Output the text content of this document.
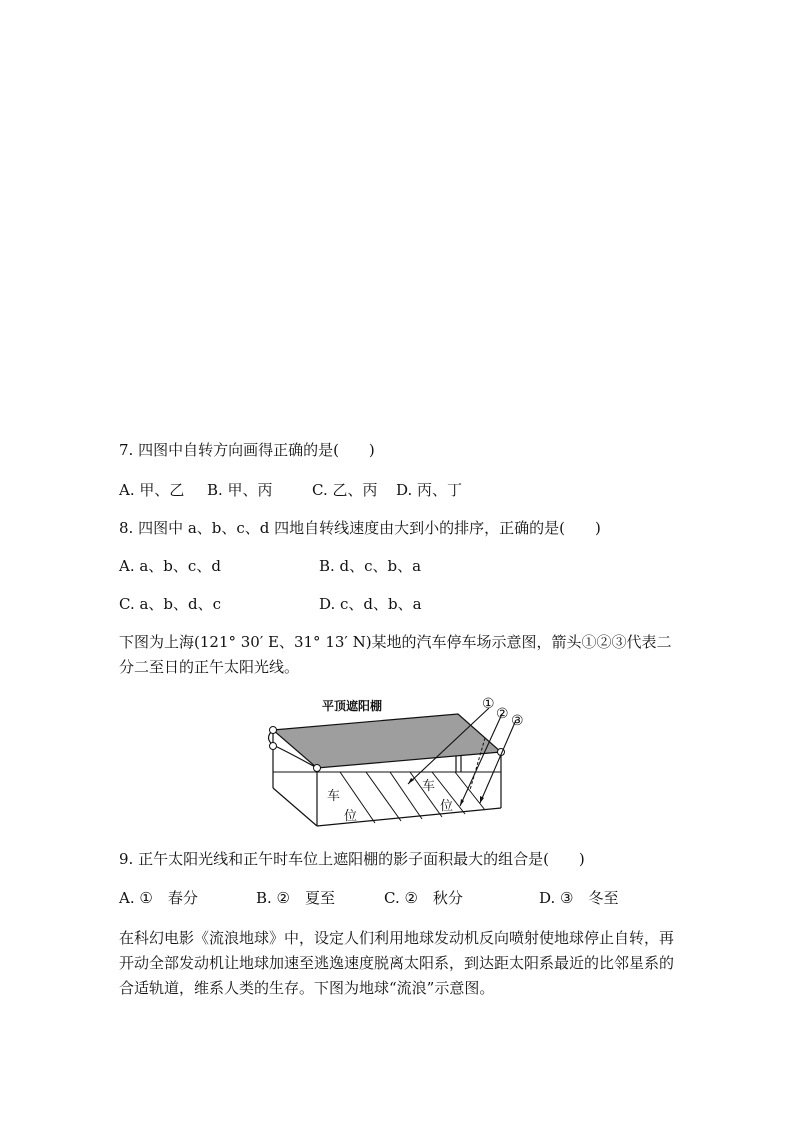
7. 四图中自转方向画得正确的是(　　)
A. 甲、乙 B. 甲、丙	C. 乙、丙 D. 丙、丁
8. 四图中 a、b、c、d 四地自转线速度由大到小的排序，正确的是(　　)
A. a、b、c、d	B. d、c、b、a
C. a、b、d、c	D. c、d、b、a
下图为上海(121° 30′ E、31° 13′ N)某地的汽车停车场示意图，箭头①②③代表二分二至日的正午太阳光线。
平顶遮阳棚	①
② ③
车
位
车
位
9. 正午太阳光线和正午时车位上遮阳棚的影子面积最大的组合是(　　)
A. ①　春分	B. ②　夏至	C. ②　秋分	D. ③　冬至
在科幻电影《流浪地球》中，设定人们利用地球发动机反向喷射使地球停止自转，再开动全部发动机让地球加速至逃逸速度脱离太阳系，到达距太阳系最近的比邻星系的合适轨道，维系人类的生存。下图为地球“流浪”示意图。
